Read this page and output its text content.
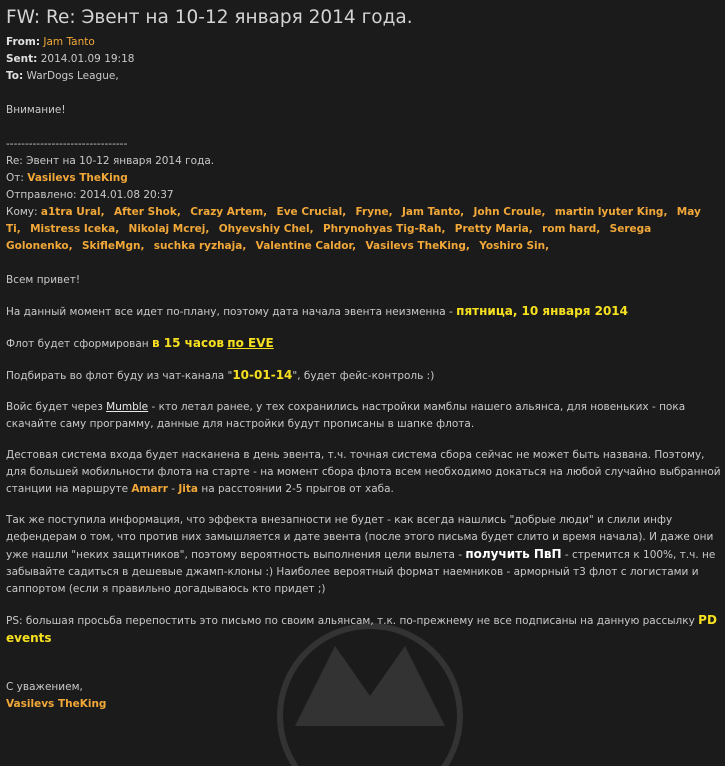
FW: Re: Эвент на 10-12 января 2014 года.
From: Jam Tanto
Sent: 2014.01.09 19:18
To: WarDogs League,

Внимание!

--------------------------------
Re: Эвент на 10-12 января 2014 года.
От: Vasilevs TheKing
Отправлено: 2014.01.08 20:37
Кому: a1tra Ural, After Shok, Crazy Artem, Eve Crucial, Fryne, Jam Tanto, John Croule, martin lyuter King, May Ti, Mistress Iceka, Nikolaj Mcrej, Ohyevshiy Chel, Phrynohyas Tig-Rah, Pretty Maria, rom hard, Serega Golonenko, SkifleMgn, suchka ryzhaja, Valentine Caldor, Vasilevs TheKing, Yoshiro Sin,

Всем привет!

На данный момент все идет по-плану, поэтому дата начала эвента неизменна - пятница, 10 января 2014

Флот будет сформирован в 15 часов по EVE

Подбирать во флот буду из чат-канала "10-01-14", будет фейс-контроль :)

Войс будет через Mumble - кто летал ранее, у тех сохранились настройки мамблы нашего альянса, для новеньких - пока скачайте саму программу, данные для настройки будут прописаны в шапке флота.

Дестовая система входа будет насканена в день эвента, т.ч. точная система сбора сейчас не может быть названа. Поэтому, для большей мобильности флота на старте - на момент сбора флота всем необходимо докаться на любой случайно выбранной станции на маршруте Amarr - Jita на расстоянии 2-5 прыгов от хаба.

Так же поступила информация, что эффекта внезапности не будет - как всегда нашлись "добрые люди" и слили инфу дефендерам о том, что против них замышляется и дате эвента (после этого письма будет слито и время начала). И даже они уже нашли "неких защитников", поэтому вероятность выполнения цели вылета - получить ПвП - стремится к 100%, т.ч. не забывайте садиться в дешевые джамп-клоны :) Наиболее вероятный формат наемников - арморный т3 флот с логистами и саппортом (если я правильно догадываюсь кто придет ;)

PS: большая просьба перепостить это письмо по своим альянсам, т.к. по-прежнему не все подписаны на данную рассылку PD events

С уважением,

Vasilevs TheKing
